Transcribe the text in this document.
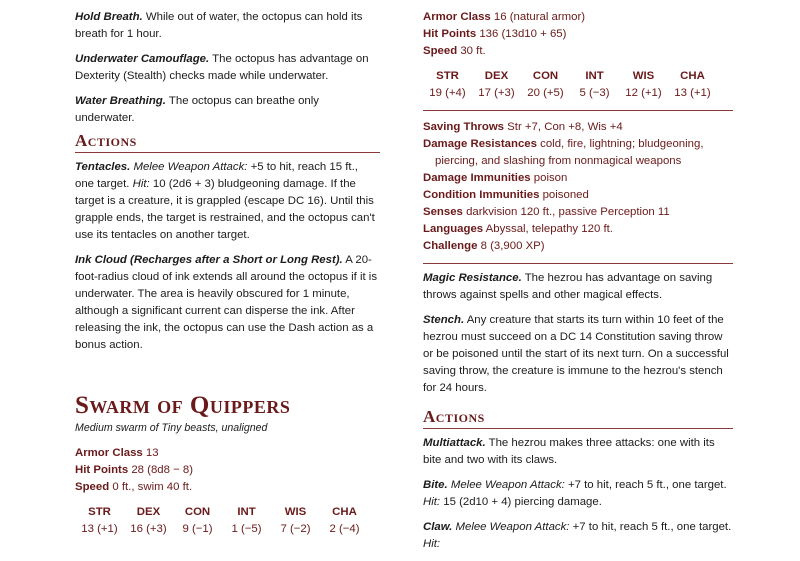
Hold Breath. While out of water, the octopus can hold its breath for 1 hour.

Underwater Camouflage. The octopus has advantage on Dexterity (Stealth) checks made while underwater.

Water Breathing. The octopus can breathe only underwater.

Actions

Tentacles. Melee Weapon Attack: +5 to hit, reach 15 ft., one target. Hit: 10 (2d6 + 3) bludgeoning damage. If the target is a creature, it is grappled (escape DC 16). Until this grapple ends, the target is restrained, and the octopus can't use its tentacles on another target.

Ink Cloud (Recharges after a Short or Long Rest). A 20-foot-radius cloud of ink extends all around the octopus if it is underwater. The area is heavily obscured for 1 minute, although a significant current can disperse the ink. After releasing the ink, the octopus can use the Dash action as a bonus action.

Swarm of Quippers

Medium swarm of Tiny beasts, unaligned

Armor Class 13

Hit Points 28 (8d8 − 8)

Speed 0 ft., swim 40 ft.

STR
13 (+1)
DEX
16 (+3)
CON
9 (−1)
INT
1 (−5)
WIS
7 (−2)
CHA
2 (−4)

Armor Class 16 (natural armor)

Hit Points 136 (13d10 + 65)

Speed 30 ft.

STR
19 (+4)
DEX
17 (+3)
CON
20 (+5)
INT
5 (−3)
WIS
12 (+1)
CHA
13 (+1)

Saving Throws Str +7, Con +8, Wis +4

Damage Resistances cold, fire, lightning; bludgeoning, piercing, and slashing from nonmagical weapons

Damage Immunities poison

Condition Immunities poisoned

Senses darkvision 120 ft., passive Perception 11

Languages Abyssal, telepathy 120 ft.

Challenge 8 (3,900 XP)

Magic Resistance. The hezrou has advantage on saving throws against spells and other magical effects.

Stench. Any creature that starts its turn within 10 feet of the hezrou must succeed on a DC 14 Constitution saving throw or be poisoned until the start of its next turn. On a successful saving throw, the creature is immune to the hezrou's stench for 24 hours.

Actions

Multiattack. The hezrou makes three attacks: one with its bite and two with its claws.

Bite. Melee Weapon Attack: +7 to hit, reach 5 ft., one target. Hit: 15 (2d10 + 4) piercing damage.

Claw. Melee Weapon Attack: +7 to hit, reach 5 ft., one target. Hit:
